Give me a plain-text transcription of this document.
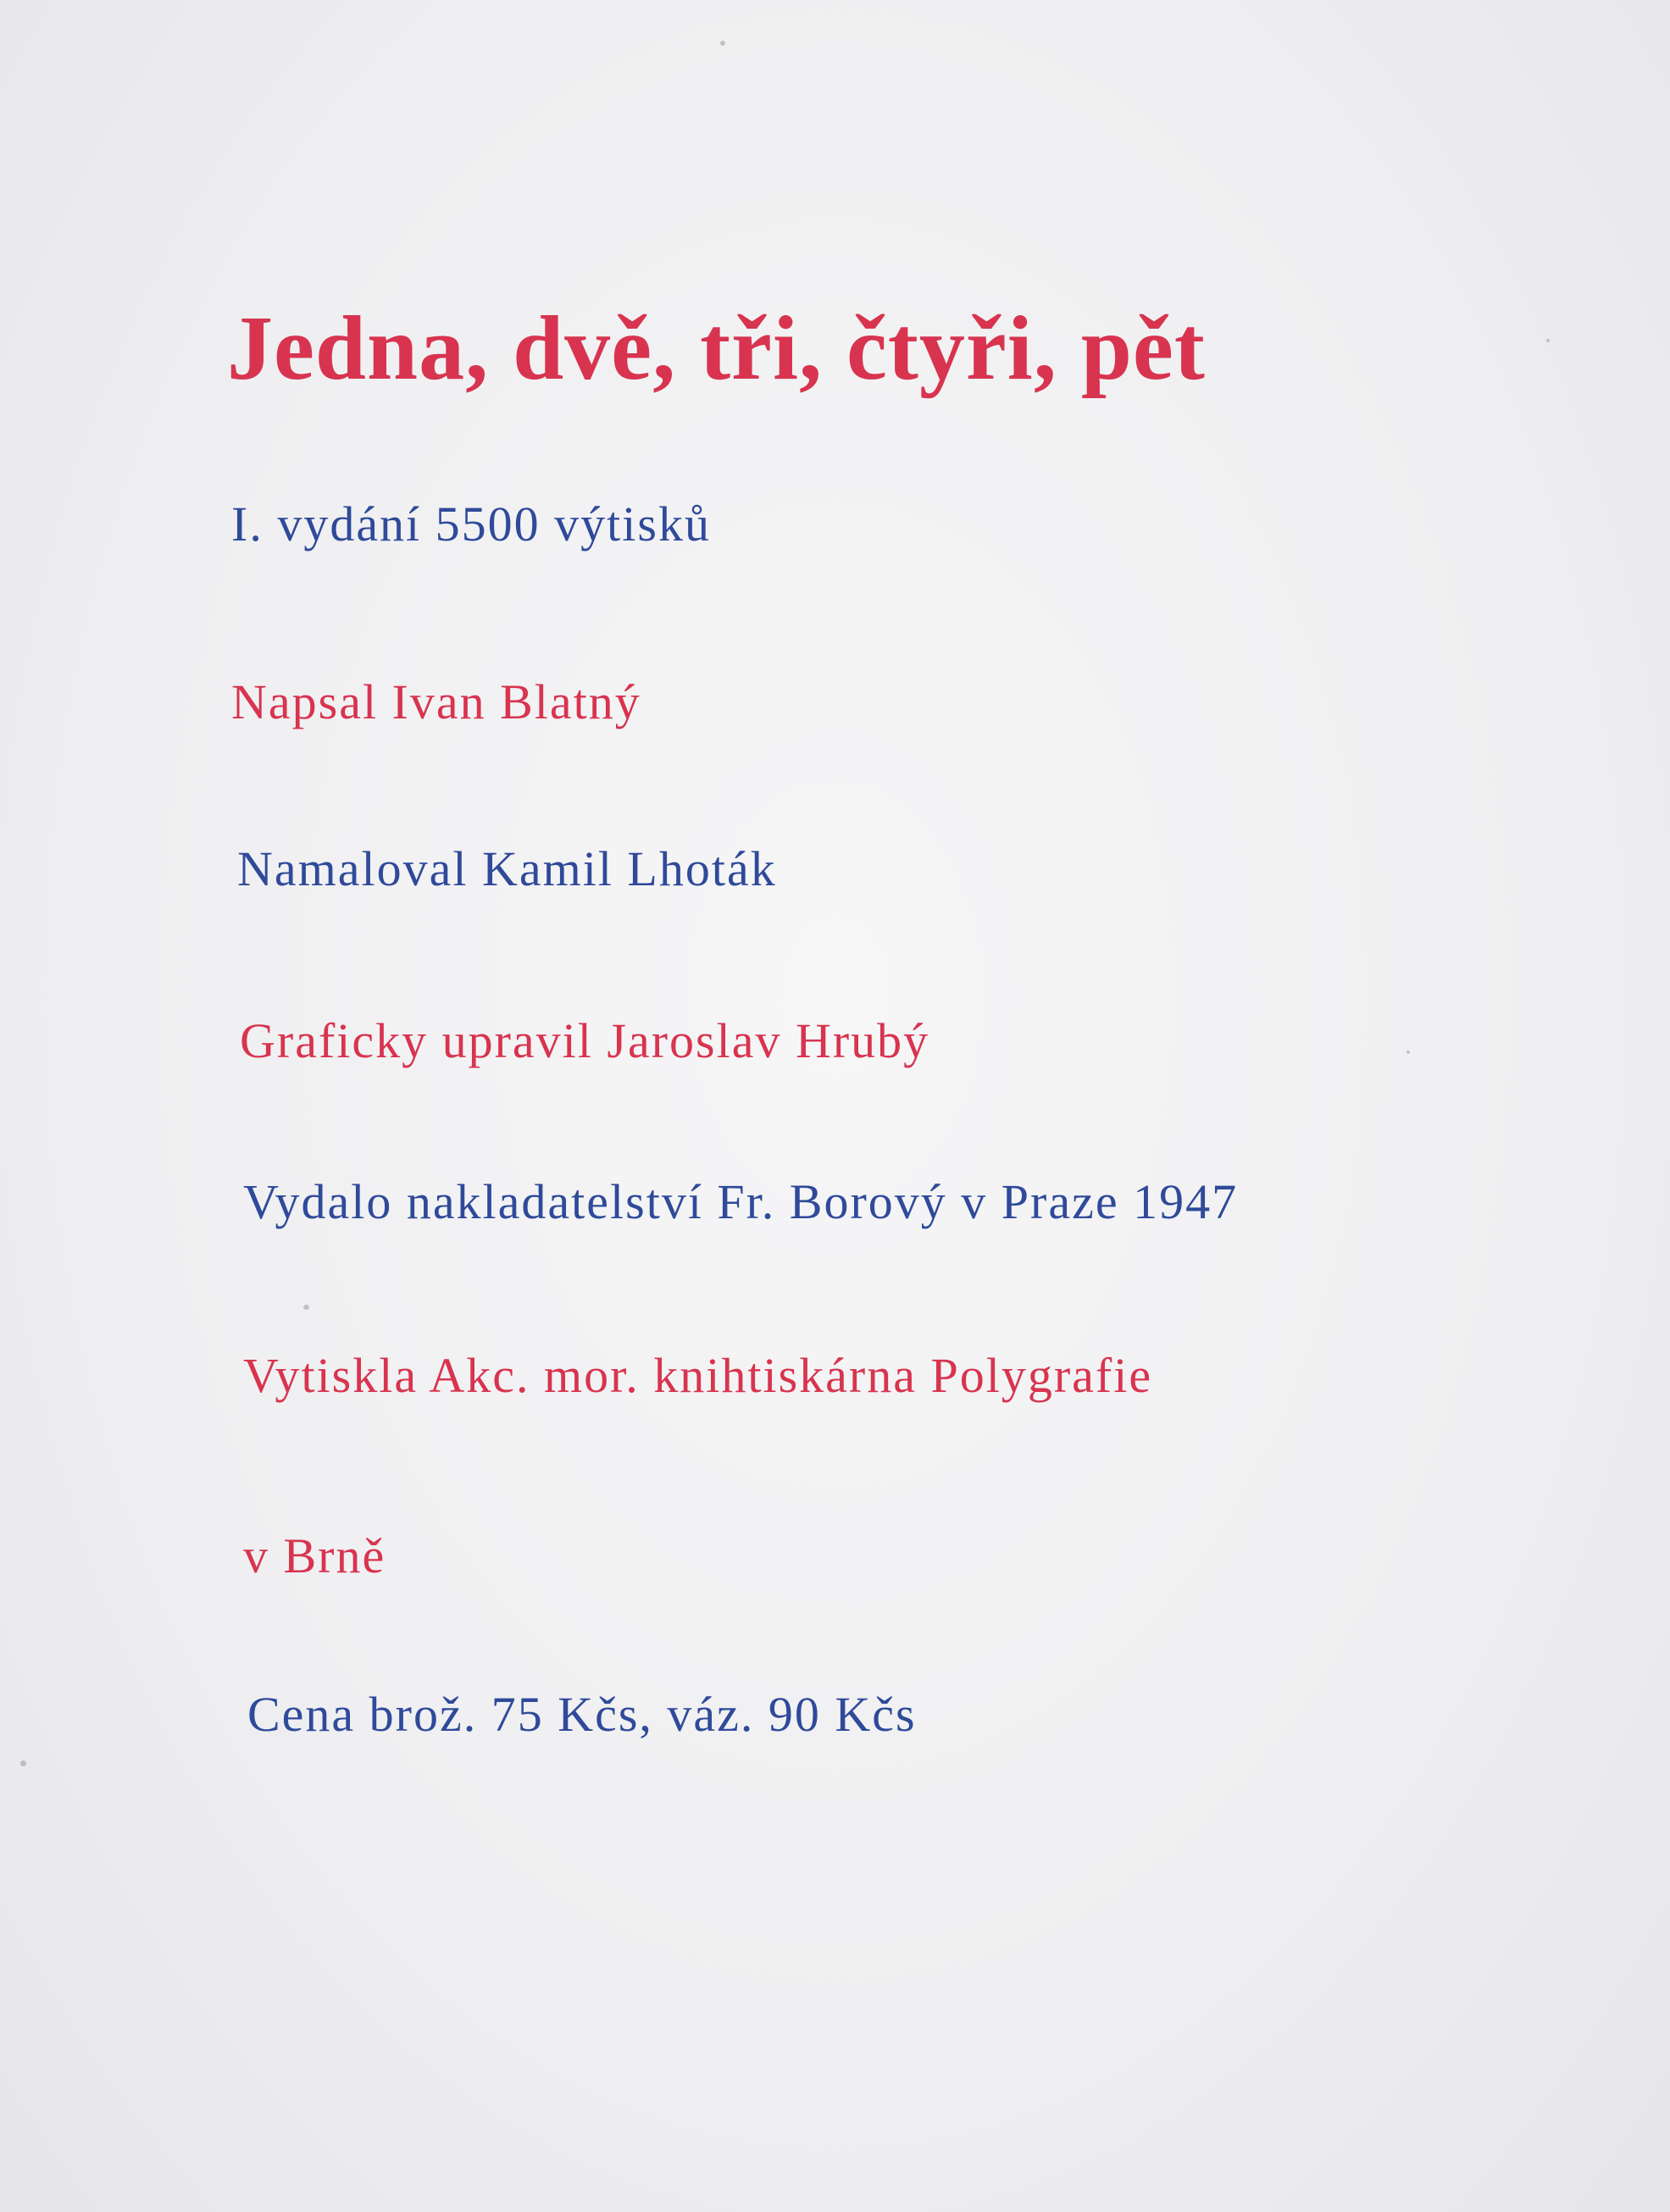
Jedna, dvě, tři, čtyři, pět

I. vydání 5500 výtisků

Napsal Ivan Blatný

Namaloval Kamil Lhoták

Graficky upravil Jaroslav Hrubý

Vydalo nakladatelství Fr. Borový v Praze 1947

Vytiskla Akc. mor. knihtiskárna Polygrafie

v Brně

Cena brož. 75 Kčs, váz. 90 Kčs
